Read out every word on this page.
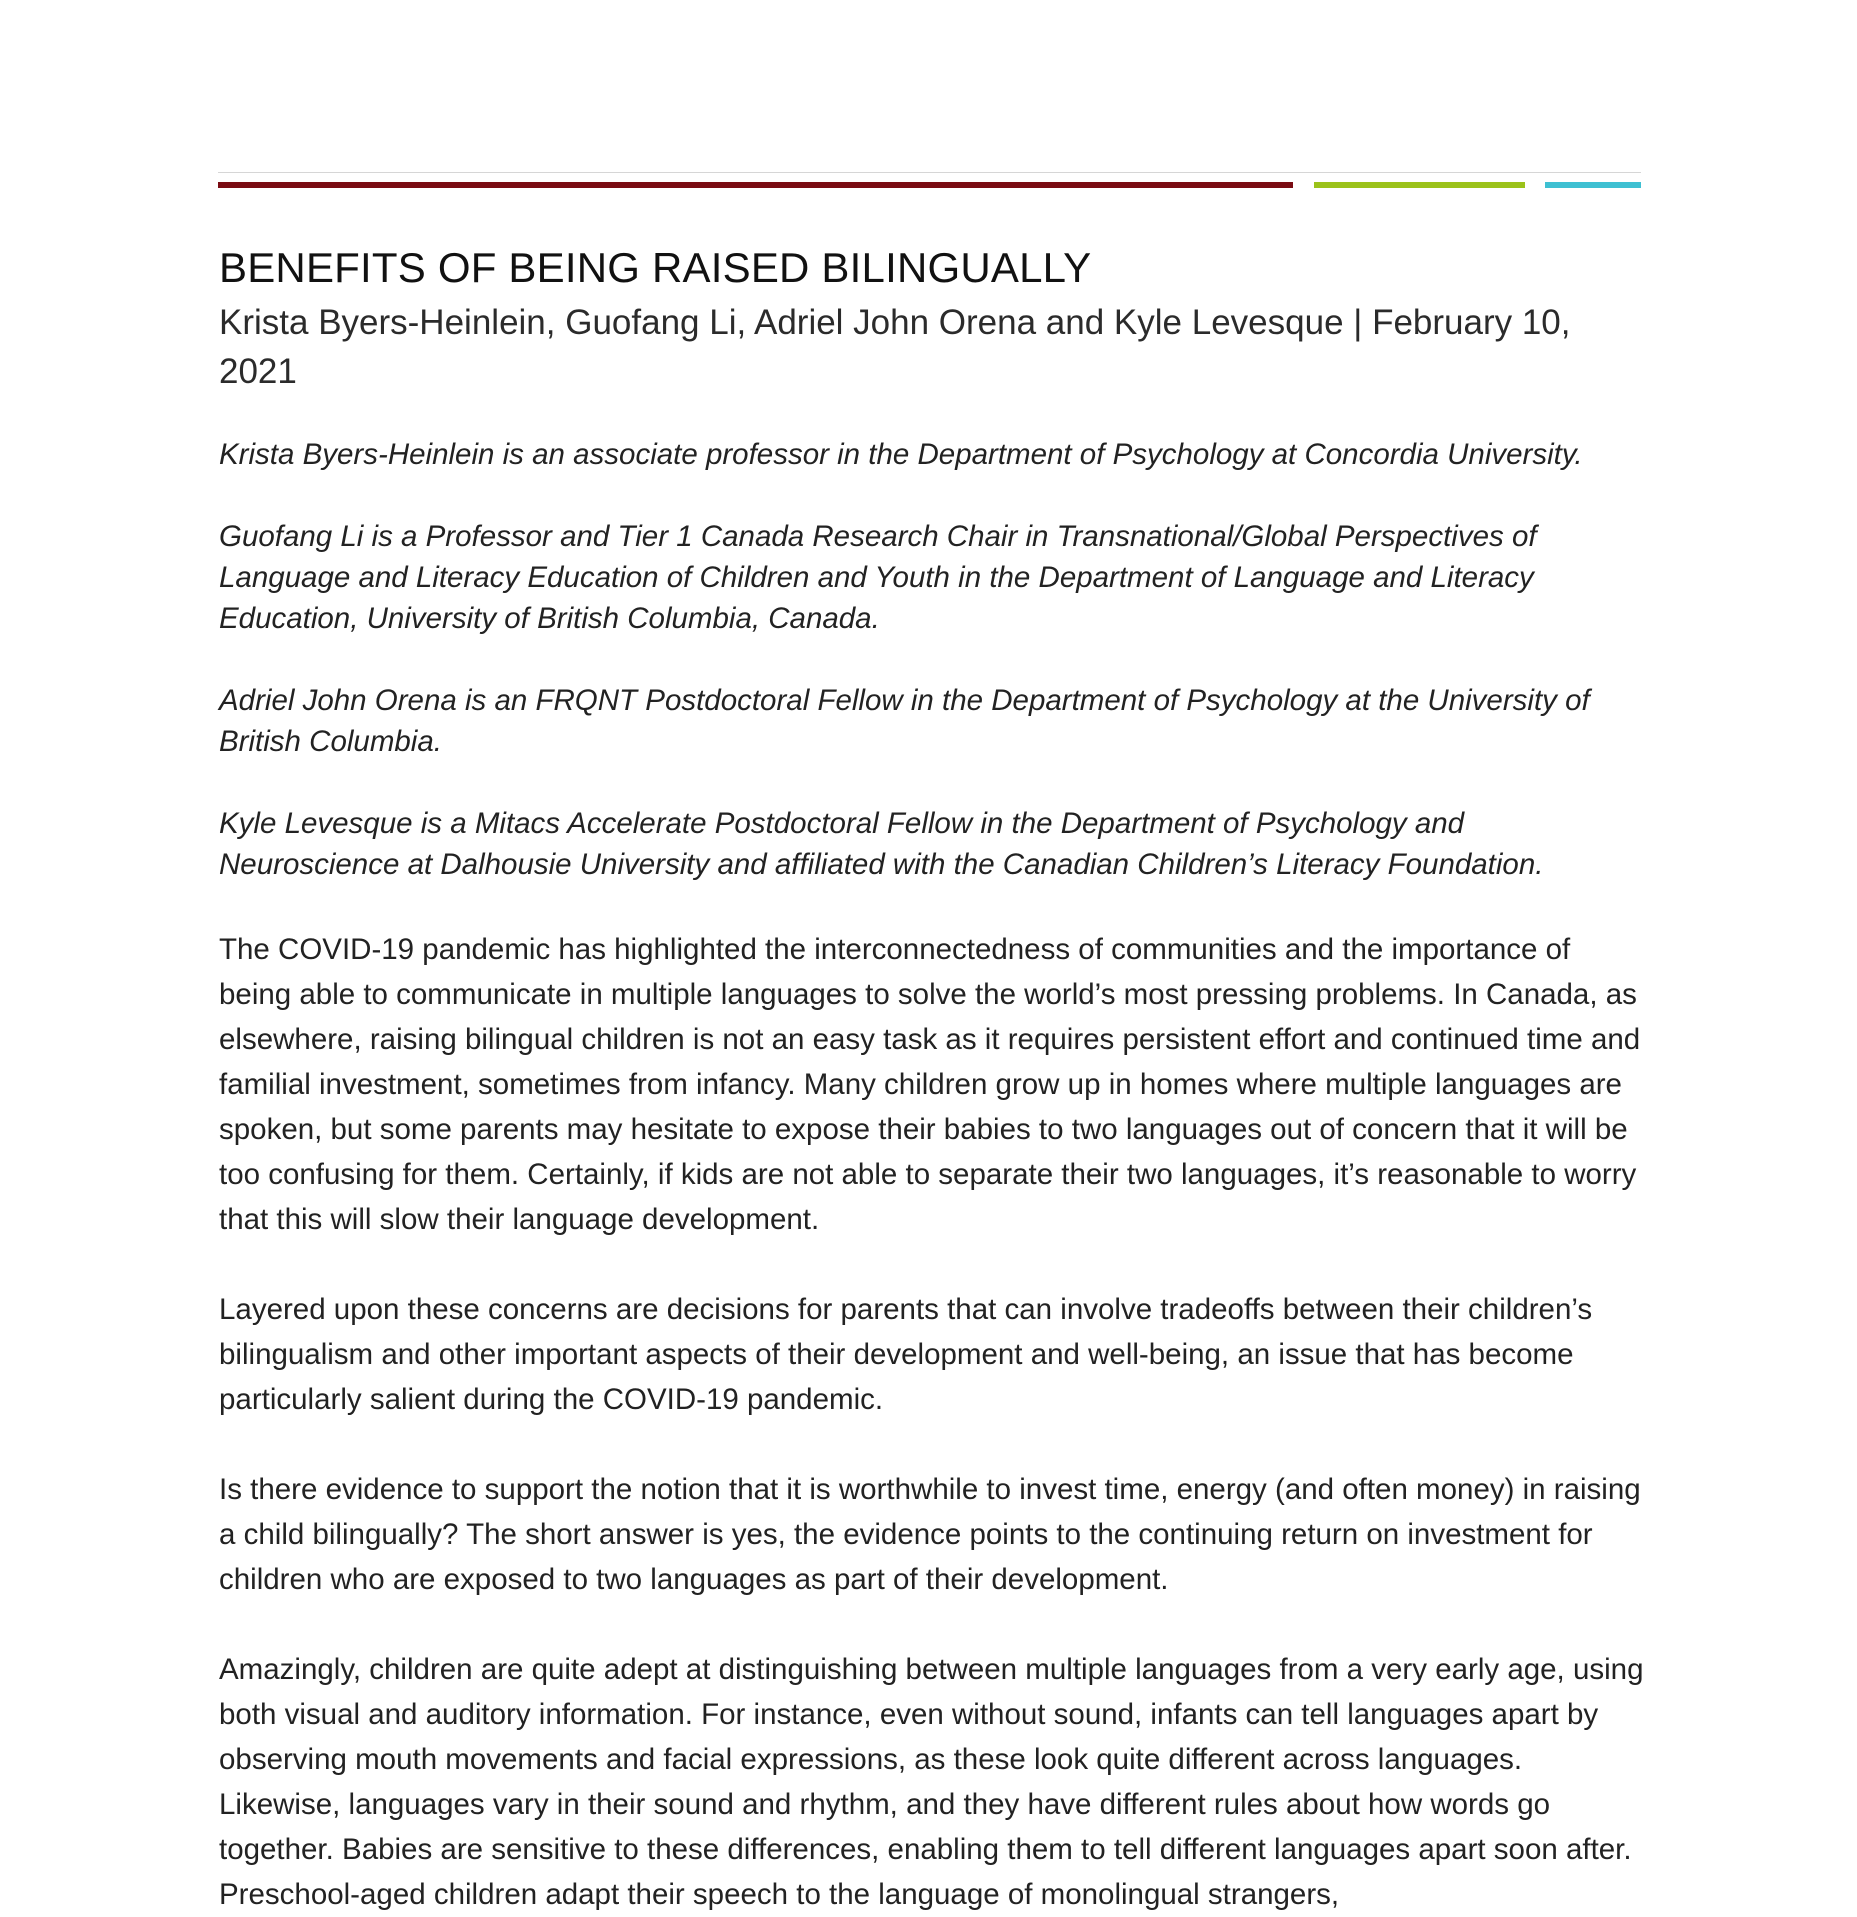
BENEFITS OF BEING RAISED BILINGUALLY

Krista Byers-Heinlein, Guofang Li, Adriel John Orena and Kyle Levesque | February 10,
2021

Krista Byers-Heinlein is an associate professor in the Department of Psychology at Concordia University.

Guofang Li is a Professor and Tier 1 Canada Research Chair in Transnational/Global Perspectives of Language and Literacy Education of Children and Youth in the Department of Language and Literacy Education, University of British Columbia, Canada.

Adriel John Orena is an FRQNT Postdoctoral Fellow in the Department of Psychology at the University of British Columbia.

Kyle Levesque is a Mitacs Accelerate Postdoctoral Fellow in the Department of Psychology and Neuroscience at Dalhousie University and affiliated with the Canadian Children’s Literacy Foundation.

The COVID-19 pandemic has highlighted the interconnectedness of communities and the importance of being able to communicate in multiple languages to solve the world’s most pressing problems. In Canada, as elsewhere, raising bilingual children is not an easy task as it requires persistent effort and continued time and familial investment, sometimes from infancy. Many children grow up in homes where multiple languages are spoken, but some parents may hesitate to expose their babies to two languages out of concern that it will be too confusing for them. Certainly, if kids are not able to separate their two languages, it’s reasonable to worry that this will slow their language development.

Layered upon these concerns are decisions for parents that can involve tradeoffs between their children’s bilingualism and other important aspects of their development and well-being, an issue that has become particularly salient during the COVID-19 pandemic.

Is there evidence to support the notion that it is worthwhile to invest time, energy (and often money) in raising a child bilingually? The short answer is yes, the evidence points to the continuing return on investment for children who are exposed to two languages as part of their development.

Amazingly, children are quite adept at distinguishing between multiple languages from a very early age, using both visual and auditory information. For instance, even without sound, infants can tell languages apart by observing mouth movements and facial expressions, as these look quite different across languages. Likewise, languages vary in their sound and rhythm, and they have different rules about how words go together. Babies are sensitive to these differences, enabling them to tell different languages apart soon after. Preschool-aged children adapt their speech to the language of monolingual strangers,
